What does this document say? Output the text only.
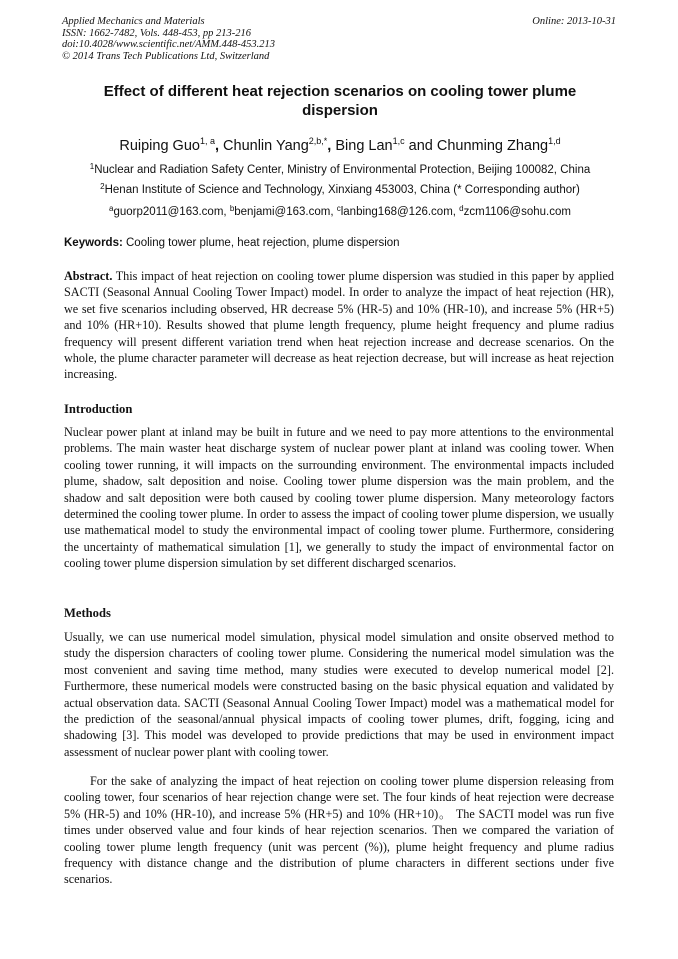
Applied Mechanics and Materials
ISSN: 1662-7482, Vols. 448-453, pp 213-216
doi:10.4028/www.scientific.net/AMM.448-453.213
© 2014 Trans Tech Publications Ltd, Switzerland
Online: 2013-10-31
Effect of different heat rejection scenarios on cooling tower plume dispersion
Ruiping Guo$^{1, a}$, Chunlin Yang$^{2,b,*}$, Bing Lan$^{1,c}$ and Chunming Zhang$^{1,d}$
$^1$Nuclear and Radiation Safety Center, Ministry of Environmental Protection, Beijing 100082, China
$^2$Henan Institute of Science and Technology, Xinxiang 453003, China (* Corresponding author)
$^a$guorp2011@163.com, $^b$benjami@163.com, $^c$lanbing168@126.com, $^d$zcm1106@sohu.com
Keywords: Cooling tower plume, heat rejection, plume dispersion
Abstract. This impact of heat rejection on cooling tower plume dispersion was studied in this paper by applied SACTI (Seasonal Annual Cooling Tower Impact) model. In order to analyze the impact of heat rejection (HR), we set five scenarios including observed, HR decrease 5% (HR-5) and 10% (HR-10), and increase 5% (HR+5) and 10% (HR+10). Results showed that plume length frequency, plume height frequency and plume radius frequency will present different variation trend when heat rejection increase and decrease scenarios. On the whole, the plume character parameter will decrease as heat rejection decrease, but will increase as heat rejection increasing.
Introduction
Nuclear power plant at inland may be built in future and we need to pay more attentions to the environmental problems. The main waster heat discharge system of nuclear power plant at inland was cooling tower. When cooling tower running, it will impacts on the surrounding environment. The environmental impacts included plume, shadow, salt deposition and noise. Cooling tower plume dispersion was the main problem, and the shadow and salt deposition were both caused by cooling tower plume dispersion. Many meteorology factors determined the cooling tower plume. In order to assess the impact of cooling tower plume dispersion, we usually use mathematical model to study the environmental impact of cooling tower plume. Furthermore, considering the uncertainty of mathematical simulation [1], we generally to study the impact of environmental factor on cooling tower plume dispersion simulation by set different discharged scenarios.
Methods
Usually, we can use numerical model simulation, physical model simulation and onsite observed method to study the dispersion characters of cooling tower plume. Considering the numerical model simulation was the most convenient and saving time method, many studies were executed to develop numerical model [2]. Furthermore, these numerical models were constructed basing on the basic physical equation and validated by actual observation data. SACTI (Seasonal Annual Cooling Tower Impact) model was a mathematical model for the prediction of the seasonal/annual physical impacts of cooling tower plumes, drift, fogging, icing and shadowing [3]. This model was developed to provide predictions that may be used in environment impact assessment of nuclear power plant with cooling tower.
For the sake of analyzing the impact of heat rejection on cooling tower plume dispersion releasing from cooling tower, four scenarios of hear rejection change were set. The four kinds of heat rejection were decrease 5% (HR-5) and 10% (HR-10), and increase 5% (HR+5) and 10% (HR+10)。 The SACTI model was run five times under observed value and four kinds of hear rejection scenarios. Then we compared the variation of cooling tower plume length frequency (unit was percent (%)), plume height frequency and plume radius frequency with distance change and the distribution of plume characters in different sections under five scenarios.
